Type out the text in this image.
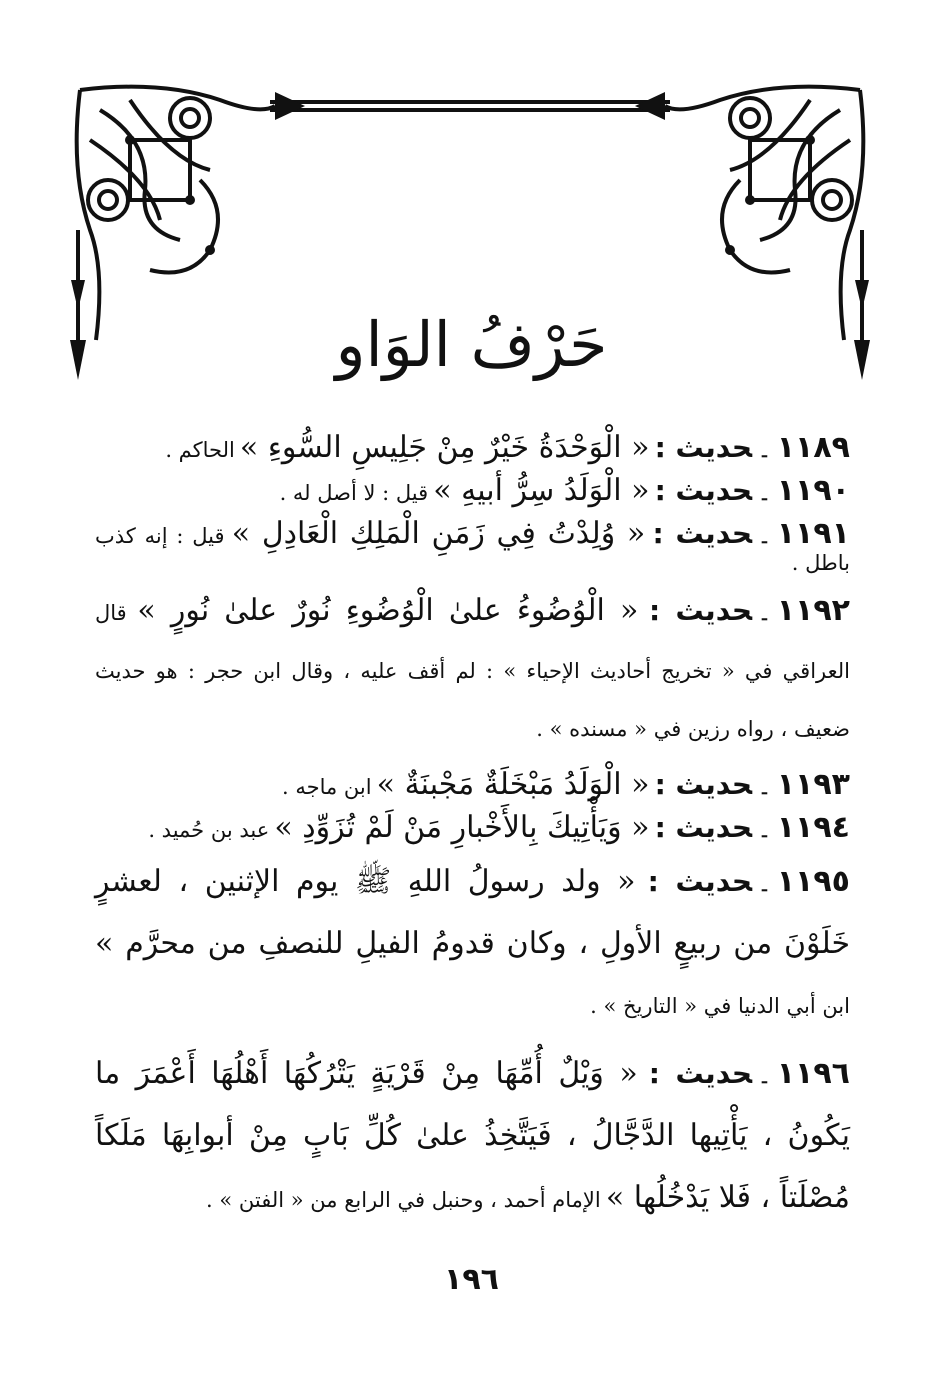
حَرْفُ الوَاو
١١٨٩ـحديث : « الْوَحْدَةُ خَيْرٌ مِنْ جَلِيسِ السُّوءِ » الحاكم .
١١٩٠ـحديث : « الْوَلَدُ سِرُّ أبيهِ » قيل : لا أصل له .
١١٩١ـحديث : « وُلِدْتُ فِي زَمَنِ الْمَلِكِ الْعَادِلِ » قيل : إنه كذب باطل .
١١٩٢ـحديث : « الْوُضُوءُ علىٰ الْوُضُوءِ نُورٌ علىٰ نُورٍ » قال العراقي في « تخريج أحاديث الإحياء » : لم أقف عليه ، وقال ابن حجر : هو حديث ضعيف ، رواه رزين في « مسنده » .
١١٩٣ـحديث : « الْوَلَدُ مَبْخَلَةٌ مَجْبنَةٌ » ابن ماجه .
١١٩٤ـحديث : « وَيَأْتِيكَ بِالأَخْبارِ مَنْ لَمْ تُزَوِّدِ » عبد بن حُميد .
١١٩٥ـحديث : « ولد رسولُ اللهِ ﷺ يوم الإثنين ، لعشرٍ خَلَوْنَ من ربيعٍ الأولِ ، وكان قدومُ الفيلِ للنصفِ من محرَّم » ابن أبي الدنيا في « التاريخ » .
١١٩٦ـحديث : « وَيْلٌ أُمِّهَا مِنْ قَرْيَةٍ يَتْرُكُهَا أَهْلُهَا أَعْمَرَ ما يَكُونُ ، يَأْتِيها الدَّجَّالُ ، فَيَتَّخِذُ علىٰ كُلِّ بَابٍ مِنْ أبوابِهَا مَلَكاً مُصْلَتاً ، فَلا يَدْخُلُها » الإمام أحمد ، وحنبل في الرابع من « الفتن » .
١٩٦
